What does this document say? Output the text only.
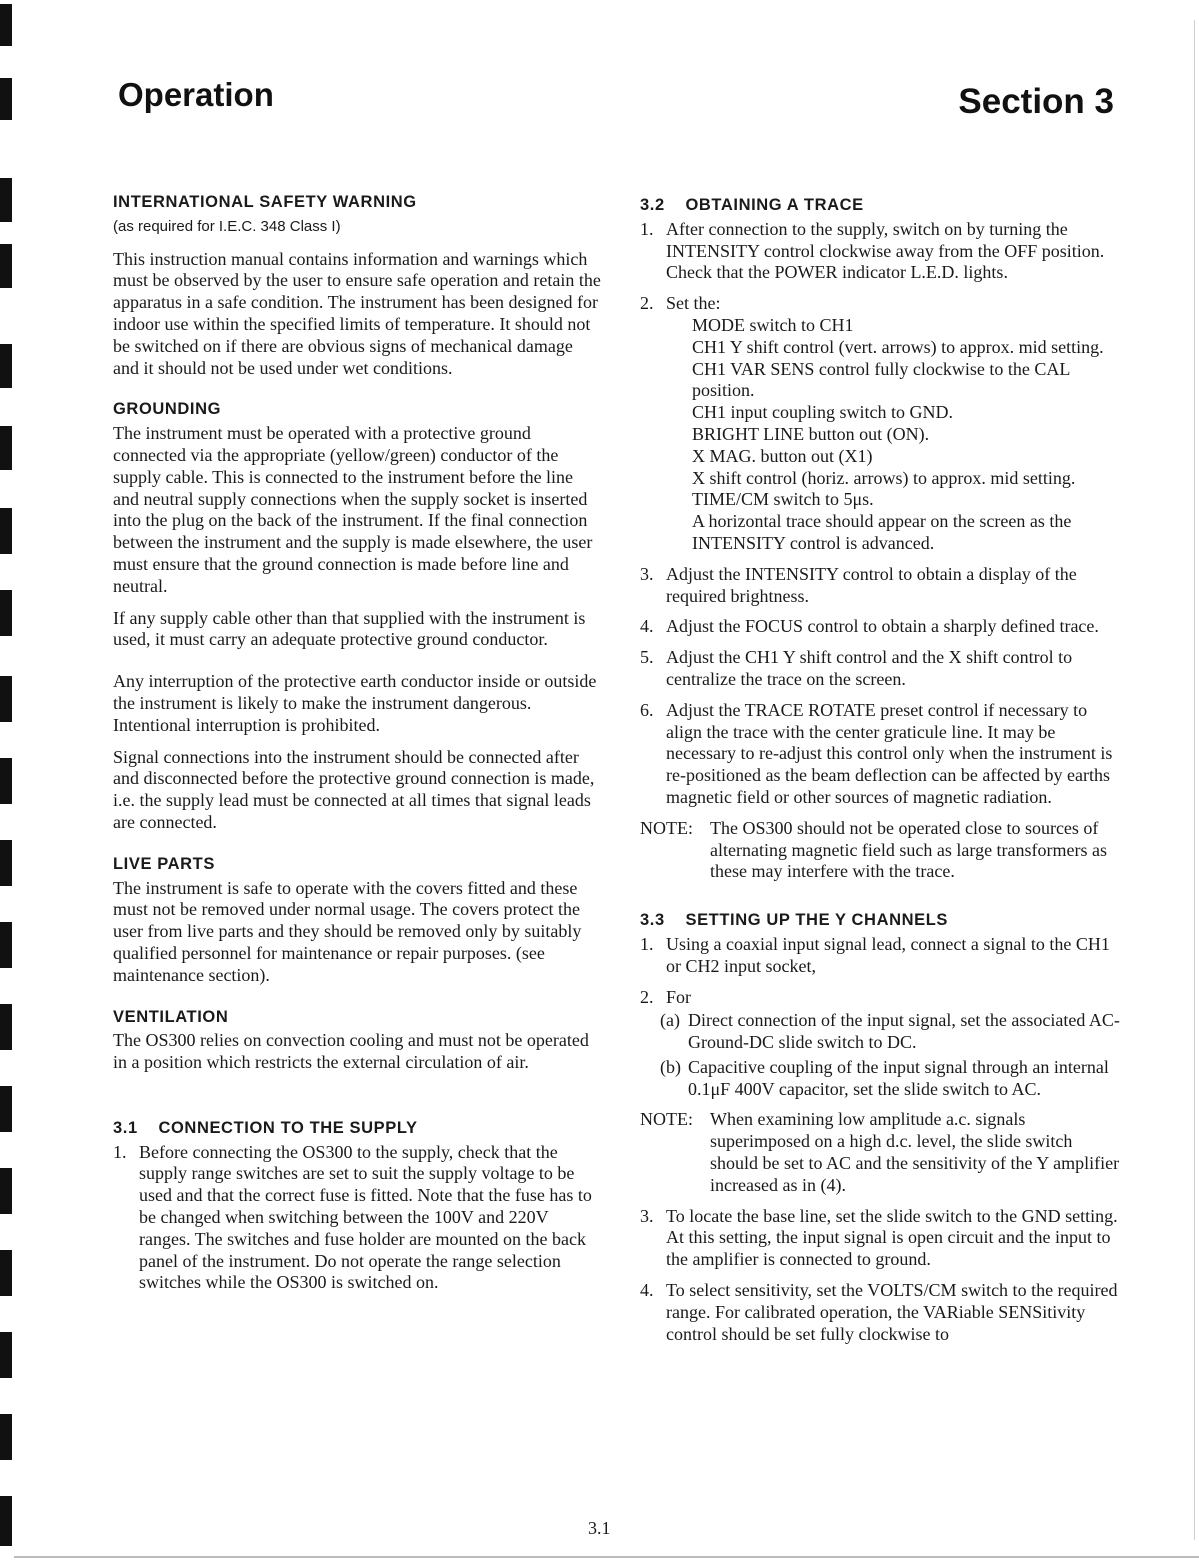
Operation	Section 3
INTERNATIONAL SAFETY WARNING
(as required for I.E.C. 348 Class I)
This instruction manual contains information and warnings which must be observed by the user to ensure safe operation and retain the apparatus in a safe condition. The instrument has been designed for indoor use within the specified limits of temperature. It should not be switched on if there are obvious signs of mechanical damage and it should not be used under wet conditions.
GROUNDING
The instrument must be operated with a protective ground connected via the appropriate (yellow/green) conductor of the supply cable. This is connected to the instrument before the line and neutral supply connections when the supply socket is inserted into the plug on the back of the instrument. If the final connection between the instrument and the supply is made elsewhere, the user must ensure that the ground connection is made before line and neutral.
If any supply cable other than that supplied with the instrument is used, it must carry an adequate protective ground conductor.
Any interruption of the protective earth conductor inside or outside the instrument is likely to make the instrument dangerous. Intentional interruption is prohibited.
Signal connections into the instrument should be connected after and disconnected before the protective ground connection is made, i.e. the supply lead must be connected at all times that signal leads are connected.
LIVE PARTS
The instrument is safe to operate with the covers fitted and these must not be removed under normal usage. The covers protect the user from live parts and they should be removed only by suitably qualified personnel for maintenance or repair purposes. (see maintenance section).
VENTILATION
The OS300 relies on convection cooling and must not be operated in a position which restricts the external circulation of air.
3.1    CONNECTION TO THE SUPPLY
1. Before connecting the OS300 to the supply, check that the supply range switches are set to suit the supply voltage to be used and that the correct fuse is fitted. Note that the fuse has to be changed when switching between the 100V and 220V ranges. The switches and fuse holder are mounted on the back panel of the instrument. Do not operate the range selection switches while the OS300 is switched on.
3.2    OBTAINING A TRACE
1. After connection to the supply, switch on by turning the INTENSITY control clockwise away from the OFF position. Check that the POWER indicator L.E.D. lights.
2. Set the:
MODE switch to CH1
CH1 Y shift control (vert. arrows) to approx. mid setting.
CH1 VAR SENS control fully clockwise to the CAL position.
CH1 input coupling switch to GND.
BRIGHT LINE button out (ON).
X MAG. button out (X1)
X shift control (horiz. arrows) to approx. mid setting.
TIME/CM switch to 5μs.
A horizontal trace should appear on the screen as the INTENSITY control is advanced.
3. Adjust the INTENSITY control to obtain a display of the required brightness.
4. Adjust the FOCUS control to obtain a sharply defined trace.
5. Adjust the CH1 Y shift control and the X shift control to centralize the trace on the screen.
6. Adjust the TRACE ROTATE preset control if necessary to align the trace with the center graticule line. It may be necessary to re-adjust this control only when the instrument is re-positioned as the beam deflection can be affected by earths magnetic field or other sources of magnetic radiation.
NOTE: The OS300 should not be operated close to sources of alternating magnetic field such as large transformers as these may interfere with the trace.
3.3    SETTING UP THE Y CHANNELS
1. Using a coaxial input signal lead, connect a signal to the CH1 or CH2 input socket,
2. For
(a) Direct connection of the input signal, set the associated AC-Ground-DC slide switch to DC.
(b) Capacitive coupling of the input signal through an internal 0.1μF 400V capacitor, set the slide switch to AC.
NOTE: When examining low amplitude a.c. signals superimposed on a high d.c. level, the slide switch should be set to AC and the sensitivity of the Y amplifier increased as in (4).
3. To locate the base line, set the slide switch to the GND setting. At this setting, the input signal is open circuit and the input to the amplifier is connected to ground.
4. To select sensitivity, set the VOLTS/CM switch to the required range. For calibrated operation, the VARiable SENSitivity control should be set fully clockwise to
3.1
